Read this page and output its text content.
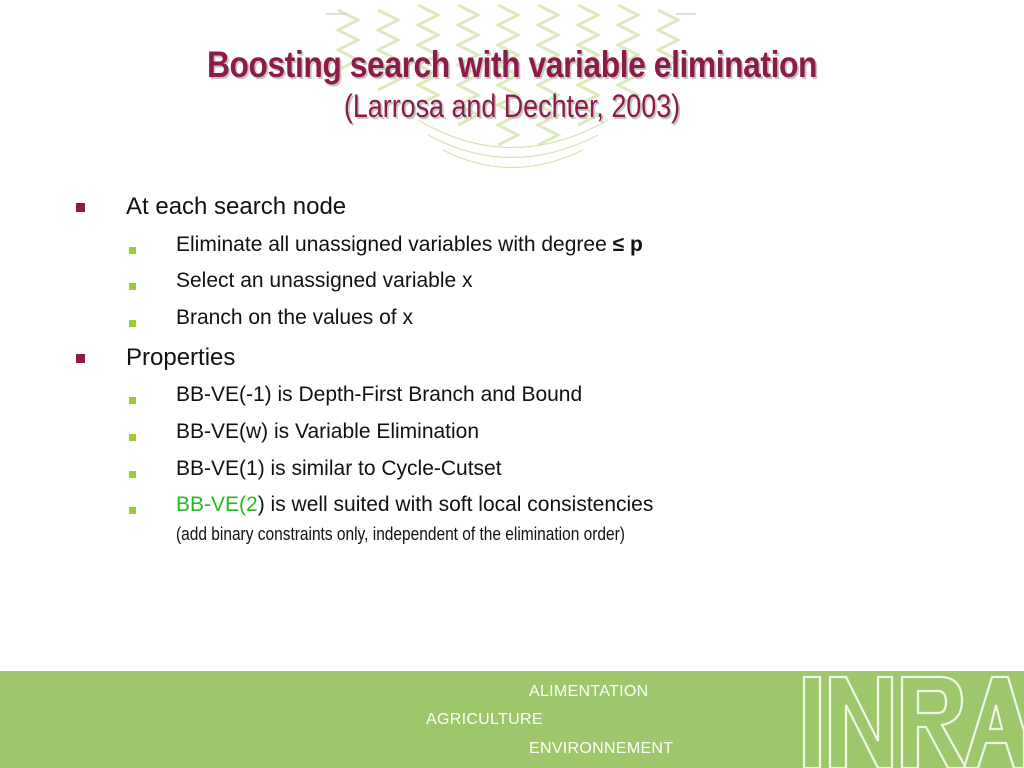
Boosting search with variable elimination
(Larrosa and Dechter, 2003)
At each search node
Eliminate all unassigned variables with degree ≤ p
Select an unassigned variable x
Branch on the values of x
Properties
BB-VE(-1) is Depth-First Branch and Bound
BB-VE(w) is Variable Elimination
BB-VE(1) is similar to Cycle-Cutset
BB-VE(2) is well suited with soft local consistencies
(add binary constraints only, independent of the elimination order)
ALIMENTATION
AGRICULTURE
ENVIRONNEMENT
